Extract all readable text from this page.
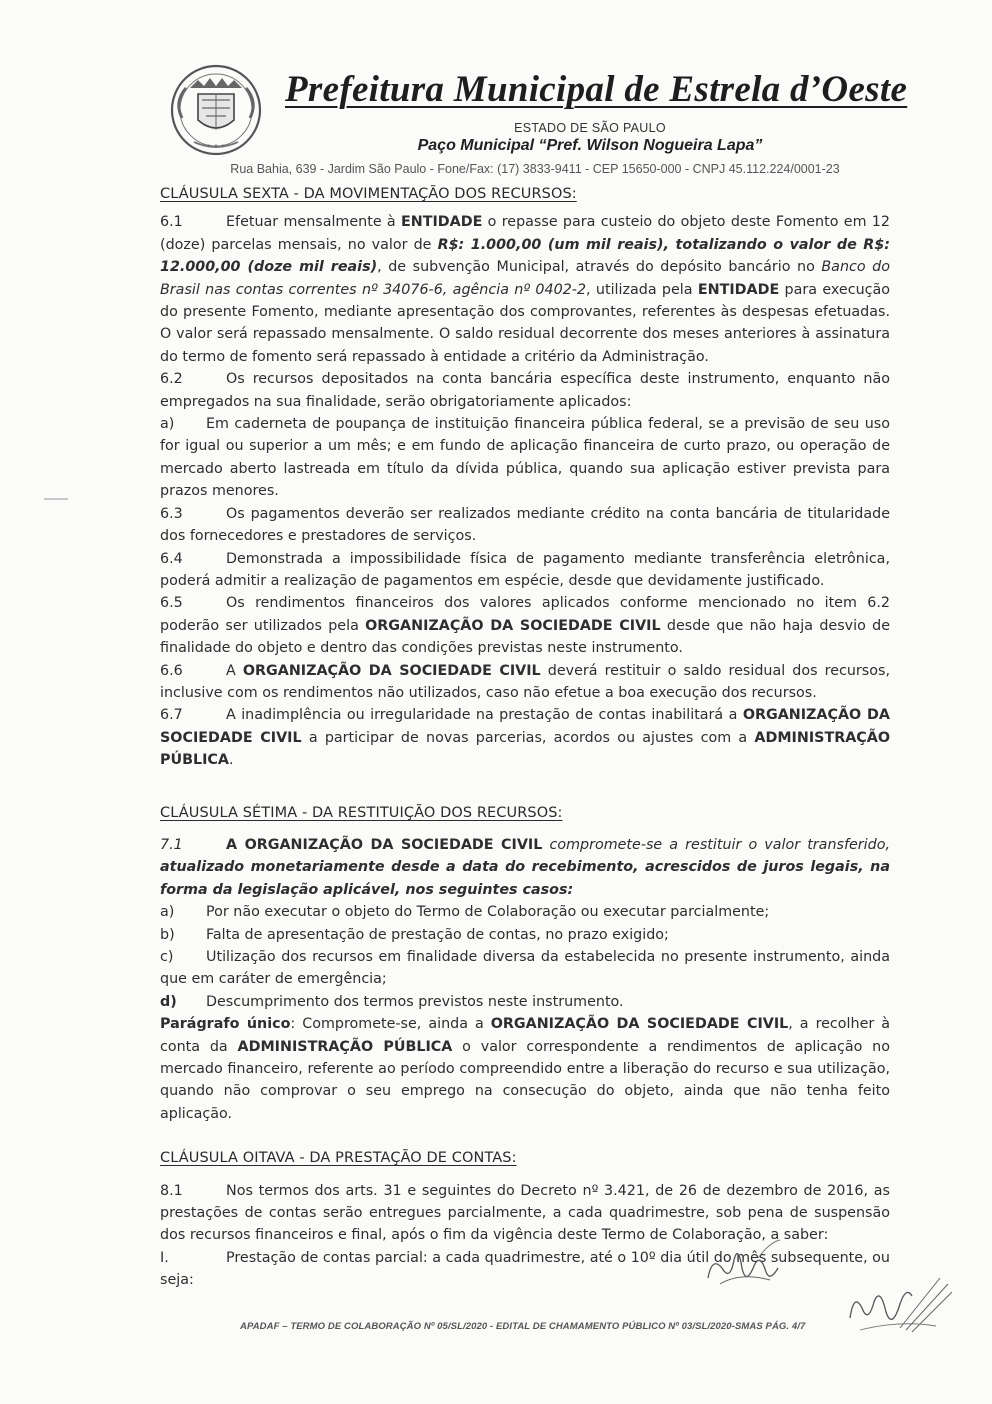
✦ ✦ ✦
Prefeitura Municipal de Estrela d’Oeste
ESTADO DE SÃO PAULO
Paço Municipal “Pref. Wilson Nogueira Lapa”
Rua Bahia, 639 - Jardim São Paulo - Fone/Fax: (17) 3833-9411 - CEP 15650-000 - CNPJ 45.112.224/0001-23
CLÁUSULA SEXTA - DA MOVIMENTAÇÃO DOS RECURSOS:

6.1	Efetuar mensalmente à ENTIDADE o repasse para custeio do objeto deste Fomento em 12 (doze) parcelas mensais, no valor de R$: 1.000,00 (um mil reais), totalizando o valor de R$: 12.000,00 (doze mil reais), de subvenção Municipal, através do depósito bancário no Banco do Brasil nas contas correntes nº 34076-6, agência nº 0402-2, utilizada pela ENTIDADE para execução do presente Fomento, mediante apresentação dos comprovantes, referentes às despesas efetuadas. O valor será repassado mensalmente. O saldo residual decorrente dos meses anteriores à assinatura do termo de fomento será repassado à entidade a critério da Administração.

6.2	Os recursos depositados na conta bancária específica deste instrumento, enquanto não empregados na sua finalidade, serão obrigatoriamente aplicados:

a) Em caderneta de poupança de instituição financeira pública federal, se a previsão de seu uso for igual ou superior a um mês; e em fundo de aplicação financeira de curto prazo, ou operação de mercado aberto lastreada em título da dívida pública, quando sua aplicação estiver prevista para prazos menores.

6.3	Os pagamentos deverão ser realizados mediante crédito na conta bancária de titularidade dos fornecedores e prestadores de serviços.

6.4	Demonstrada a impossibilidade física de pagamento mediante transferência eletrônica, poderá admitir a realização de pagamentos em espécie, desde que devidamente justificado.

6.5	Os rendimentos financeiros dos valores aplicados conforme mencionado no item 6.2 poderão ser utilizados pela ORGANIZAÇÃO DA SOCIEDADE CIVIL desde que não haja desvio de finalidade do objeto e dentro das condições previstas neste instrumento.

6.6	A ORGANIZAÇÃO DA SOCIEDADE CIVIL deverá restituir o saldo residual dos recursos, inclusive com os rendimentos não utilizados, caso não efetue a boa execução dos recursos.

6.7	A inadimplência ou irregularidade na prestação de contas inabilitará a ORGANIZAÇÃO DA SOCIEDADE CIVIL a participar de novas parcerias, acordos ou ajustes com a ADMINISTRAÇÃO PÚBLICA.

CLÁUSULA SÉTIMA - DA RESTITUIÇÃO DOS RECURSOS:

7.1	A ORGANIZAÇÃO DA SOCIEDADE CIVIL compromete-se a restituir o valor transferido, atualizado monetariamente desde a data do recebimento, acrescidos de juros legais, na forma da legislação aplicável, nos seguintes casos:

a) Por não executar o objeto do Termo de Colaboração ou executar parcialmente;

b) Falta de apresentação de prestação de contas, no prazo exigido;

c) Utilização dos recursos em finalidade diversa da estabelecida no presente instrumento, ainda que em caráter de emergência;

d) Descumprimento dos termos previstos neste instrumento.

Parágrafo único: Compromete-se, ainda a ORGANIZAÇÃO DA SOCIEDADE CIVIL, a recolher à conta da ADMINISTRAÇÃO PÚBLICA o valor correspondente a rendimentos de aplicação no mercado financeiro, referente ao período compreendido entre a liberação do recurso e sua utilização, quando não comprovar o seu emprego na consecução do objeto, ainda que não tenha feito aplicação.

CLÁUSULA OITAVA - DA PRESTAÇÃO DE CONTAS:

8.1	Nos termos dos arts. 31 e seguintes do Decreto nº 3.421, de 26 de dezembro de 2016, as prestações de contas serão entregues parcialmente, a cada quadrimestre, sob pena de suspensão dos recursos financeiros e final, após o fim da vigência deste Termo de Colaboração, a saber:

I.	Prestação de contas parcial: a cada quadrimestre, até o 10º dia útil do mês subsequente, ou seja:

APADAF – TERMO DE COLABORAÇÃO Nº 05/SL/2020 - EDITAL DE CHAMAMENTO PÚBLICO Nº 03/SL/2020-SMAS PÁG. 4/7
